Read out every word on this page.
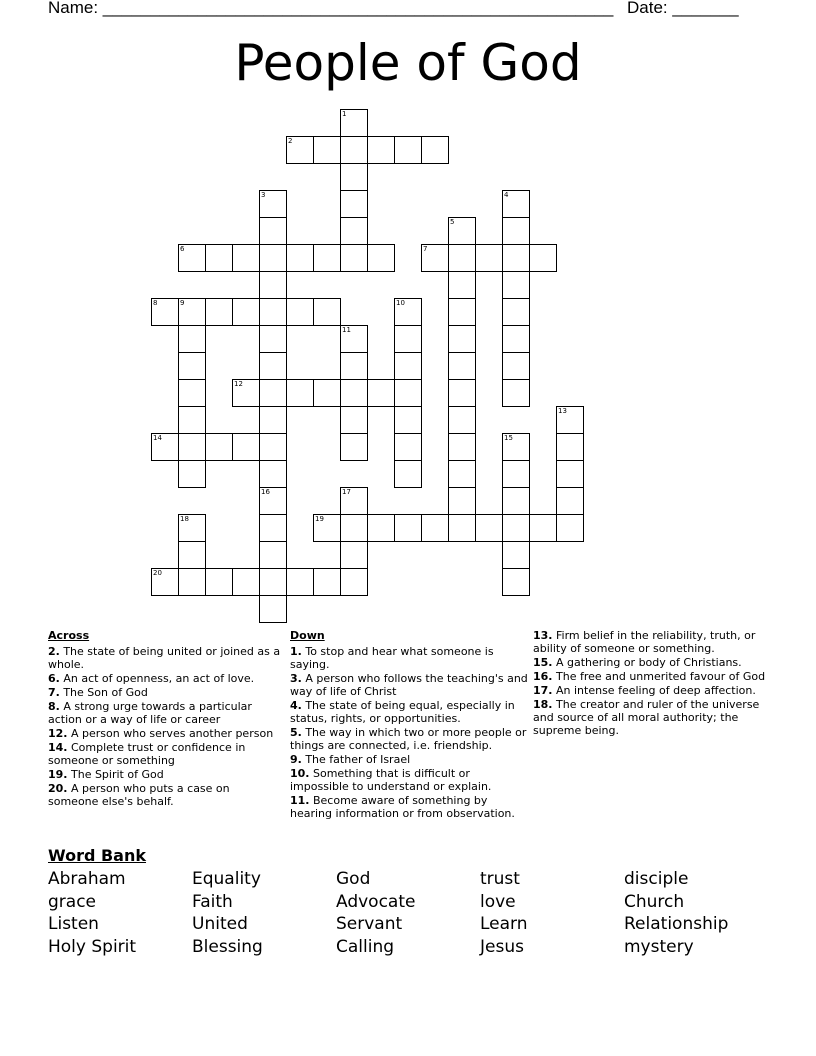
Name: ______________________________________________________ Date: _______
People of God
1
2
3
16
4
5
6	7
8	9	10
11
12
13
14	15
17
18	19
20
Across
2. The state of being united or joined as a whole.
6. An act of openness, an act of love.
7. The Son of God
8. A strong urge towards a particular action or a way of life or career
12. A person who serves another person
14. Complete trust or confidence in someone or something
19. The Spirit of God
20. A person who puts a case on someone else's behalf.
Down
1. To stop and hear what someone is saying.
3. A person who follows the teaching's and way of life of Christ
4. The state of being equal, especially in status, rights, or opportunities.
5. The way in which two or more people or things are connected, i.e. friendship.
9. The father of Israel
10. Something that is difficult or impossible to understand or explain.
11. Become aware of something by hearing information or from observation.
13. Firm belief in the reliability, truth, or ability of someone or something.
15. A gathering or body of Christians.
16. The free and unmerited favour of God
17. An intense feeling of deep affection.
18. The creator and ruler of the universe and source of all moral authority; the supreme being.
Word Bank
Abraham	Equality	God	trust	disciple
grace	Faith	Advocate	love	Church
Listen	United	Servant	Learn	Relationship
Holy Spirit	Blessing	Calling	Jesus	mystery
